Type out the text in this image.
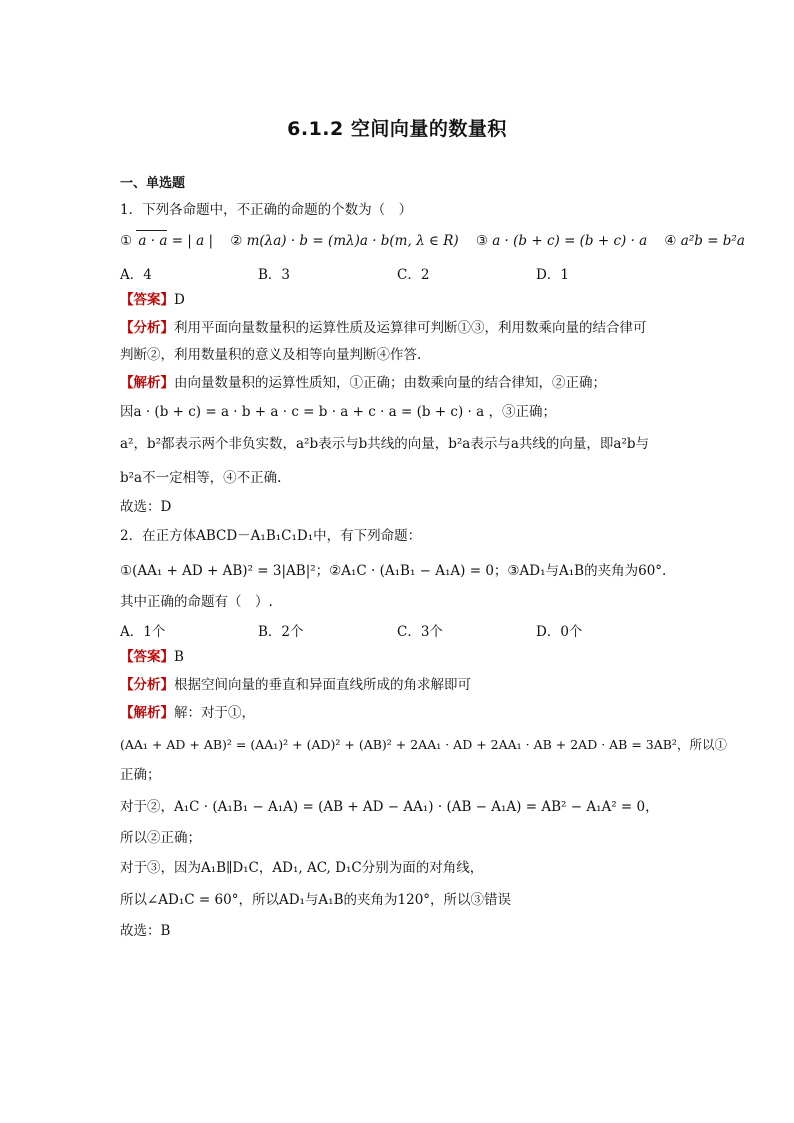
6.1.2 空间向量的数量积
一、单选题
1．下列各命题中，不正确的命题的个数为（　）
① a · a = | a | ② m(λa) · b = (mλ)a · b(m, λ ∈ R) ③ a · (b + c) = (b + c) · a ④ a²b = b²a
A．4	B．3	C．2	D．1
【答案】D
【分析】利用平面向量数量积的运算性质及运算律可判断①③，利用数乘向量的结合律可
判断②，利用数量积的意义及相等向量判断④作答.
【解析】由向量数量积的运算性质知，①正确；由数乘向量的结合律知，②正确；
因a · (b + c) = a · b + a · c = b · a + c · a = (b + c) · a ，③正确；
a²，b²都表示两个非负实数，a²b表示与b共线的向量，b²a表示与a共线的向量，即a²b与
b²a不一定相等，④不正确.
故选：D
2．在正方体ABCD－A₁B₁C₁D₁中，有下列命题：
①(AA₁ + AD + AB)² = 3|AB|²；②A₁C · (A₁B₁ − A₁A) = 0；③AD₁与A₁B的夹角为60°.
其中正确的命题有（　）.
A．1个	B．2个	C．3个	D．0个
【答案】B
【分析】根据空间向量的垂直和异面直线所成的角求解即可
【解析】解：对于①，
(AA₁ + AD + AB)² = (AA₁)² + (AD)² + (AB)² + 2AA₁ · AD + 2AA₁ · AB + 2AD · AB = 3AB²，所以①
正确；
对于②，A₁C · (A₁B₁ − A₁A) = (AB + AD − AA₁) · (AB − A₁A) = AB² − A₁A² = 0，
所以②正确；
对于③，因为A₁B∥D₁C，AD₁, AC, D₁C分别为面的对角线，
所以∠AD₁C = 60°，所以AD₁与A₁B的夹角为120°，所以③错误
故选：B
